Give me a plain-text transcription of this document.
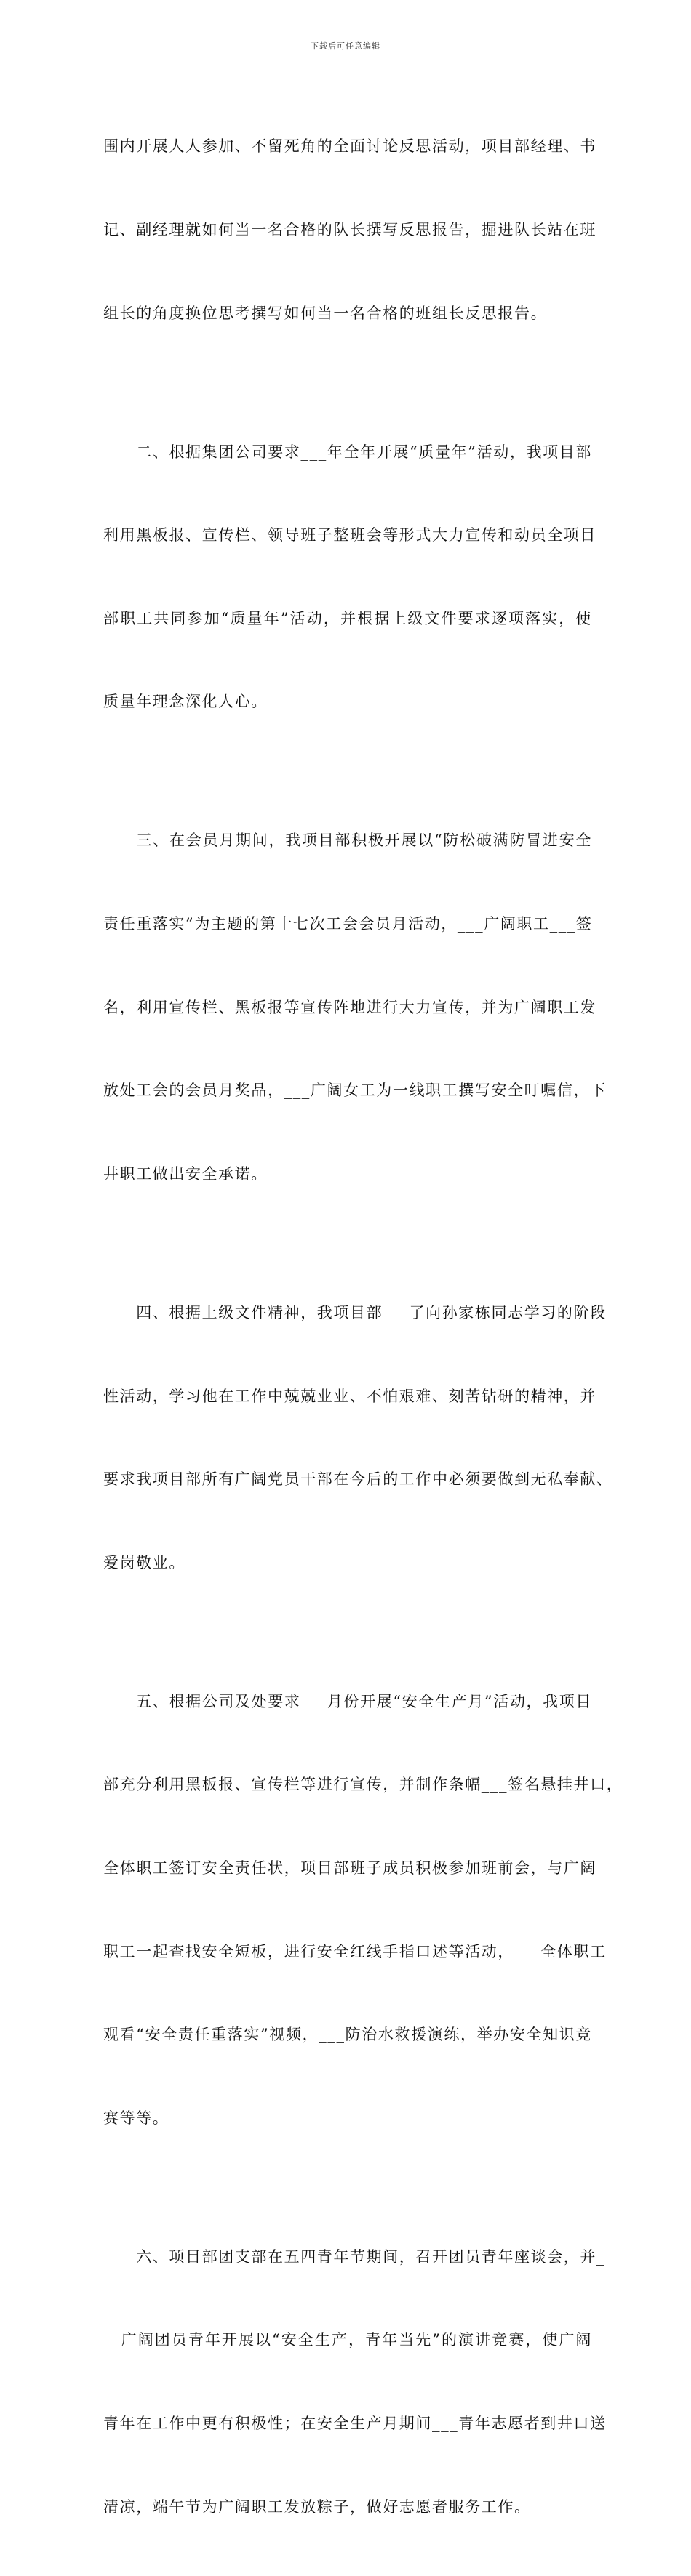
下载后可任意编辑

围内开展人人参加、不留死角的全面讨论反思活动，项目部经理、书

记、副经理就如何当一名合格的队长撰写反思报告，掘进队长站在班

组长的角度换位思考撰写如何当一名合格的班组长反思报告。

　　二、根据集团公司要求___年全年开展“质量年”活动，我项目部

利用黑板报、宣传栏、领导班子整班会等形式大力宣传和动员全项目

部职工共同参加“质量年”活动，并根据上级文件要求逐项落实，使

质量年理念深化人心。

　　三、在会员月期间，我项目部积极开展以“防松破满防冒进安全

责任重落实”为主题的第十七次工会会员月活动，___广阔职工___签

名，利用宣传栏、黑板报等宣传阵地进行大力宣传，并为广阔职工发

放处工会的会员月奖品，___广阔女工为一线职工撰写安全叮嘱信，下

井职工做出安全承诺。

　　四、根据上级文件精神，我项目部___了向孙家栋同志学习的阶段

性活动，学习他在工作中兢兢业业、不怕艰难、刻苦钻研的精神，并

要求我项目部所有广阔党员干部在今后的工作中必须要做到无私奉献、

爱岗敬业。

　　五、根据公司及处要求___月份开展“安全生产月”活动，我项目

部充分利用黑板报、宣传栏等进行宣传，并制作条幅___签名悬挂井口，

全体职工签订安全责任状，项目部班子成员积极参加班前会，与广阔

职工一起查找安全短板，进行安全红线手指口述等活动，___全体职工

观看“安全责任重落实”视频，___防治水救援演练，举办安全知识竞

赛等等。

　　六、项目部团支部在五四青年节期间，召开团员青年座谈会，并_

__广阔团员青年开展以“安全生产，青年当先”的演讲竞赛，使广阔

青年在工作中更有积极性；在安全生产月期间___青年志愿者到井口送

清凉，端午节为广阔职工发放粽子，做好志愿者服务工作。
